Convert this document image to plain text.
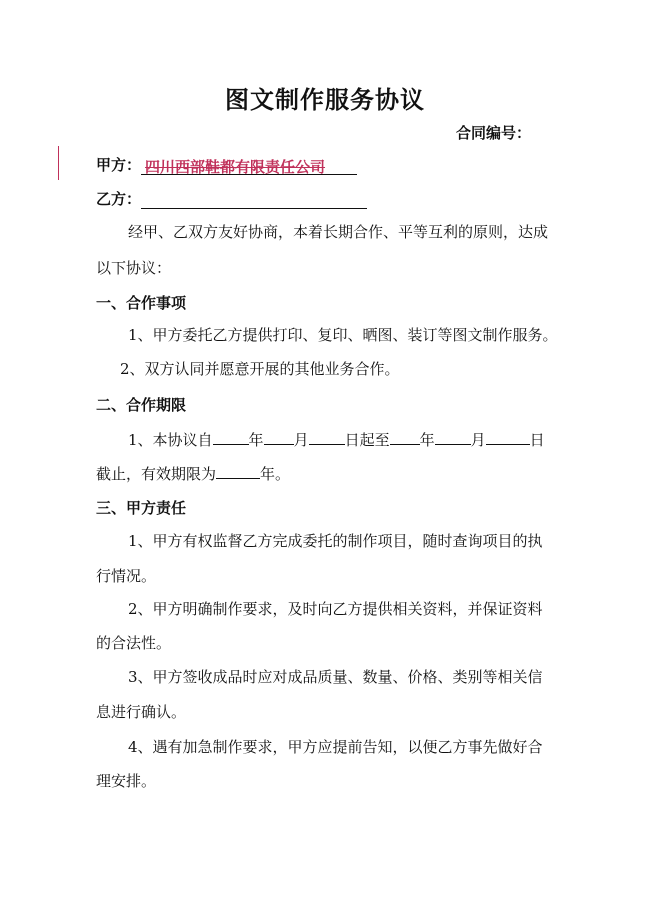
图文制作服务协议
合同编号：
甲方： 四川西部鞋都有限责任公司
乙方：
经甲、乙双方友好协商，本着长期合作、平等互利的原则，达成
以下协议：
一、合作事项
1、甲方委托乙方提供打印、复印、晒图、装订等图文制作服务。
2、双方认同并愿意开展的其他业务合作。
二、合作期限
1、本协议自 年 月 日起至 年 月	日
截止，有效期限为	年。
三、甲方责任
1、甲方有权监督乙方完成委托的制作项目，随时查询项目的执
行情况。
2、甲方明确制作要求，及时向乙方提供相关资料，并保证资料
的合法性。
3、甲方签收成品时应对成品质量、数量、价格、类别等相关信
息进行确认。
4、遇有加急制作要求，甲方应提前告知，以便乙方事先做好合
理安排。
